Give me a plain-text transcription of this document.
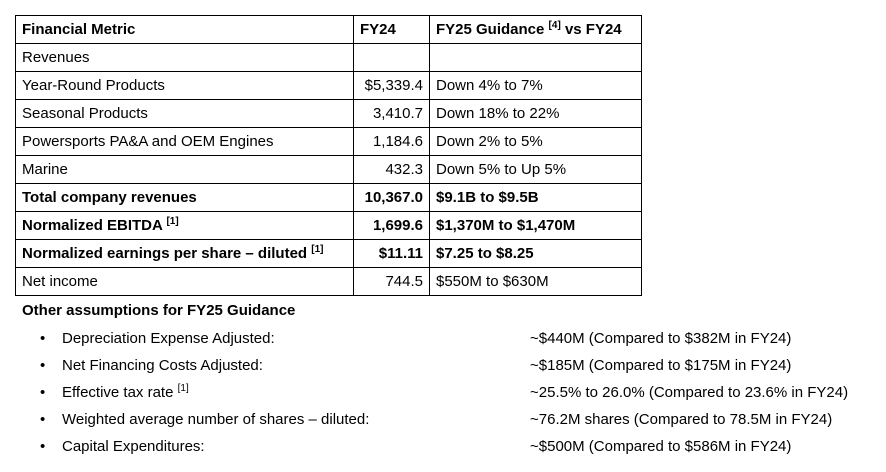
Financial Metric	FY24	FY25 Guidance [4] vs FY24
Revenues		
Year-Round Products	$5,339.4	Down 4% to 7%
Seasonal Products	3,410.7	Down 18% to 22%
Powersports PA&A and OEM Engines	1,184.6	Down 2% to 5%
Marine	432.3	Down 5% to Up 5%
Total company revenues	10,367.0	$9.1B to $9.5B
Normalized EBITDA [1]	1,699.6	$1,370M to $1,470M
Normalized earnings per share – diluted [1]	$11.11	$7.25 to $8.25
Net income	744.5	$550M to $630M
Other assumptions for FY25 Guidance
• Depreciation Expense Adjusted:	~$440M (Compared to $382M in FY24)
• Net Financing Costs Adjusted:	~$185M (Compared to $175M in FY24)
• Effective tax rate [1]	~25.5% to 26.0% (Compared to 23.6% in FY24)
• Weighted average number of shares – diluted:	~76.2M shares (Compared to 78.5M in FY24)
• Capital Expenditures:	~$500M (Compared to $586M in FY24)
